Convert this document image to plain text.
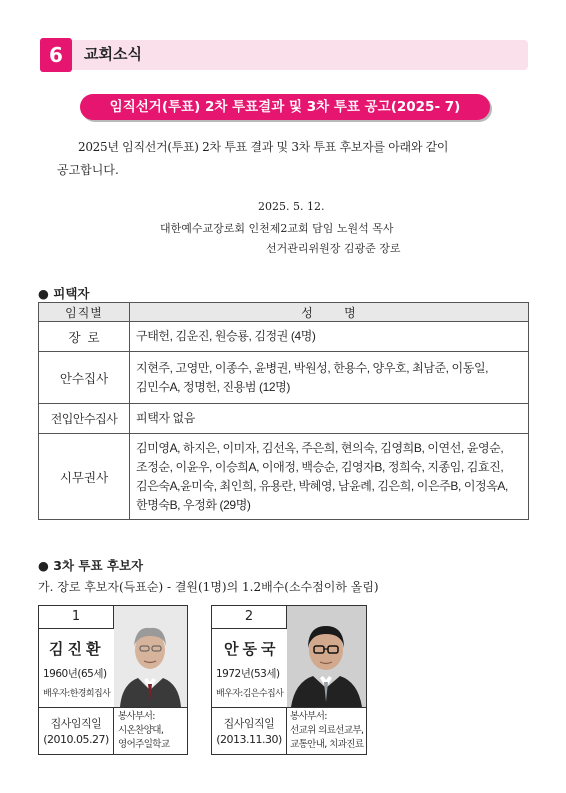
6	교회소식
임직선거(투표) 2차 투표결과 및 3차 투표 공고(2025- 7)
2025년 임직선거(투표) 2차 투표 결과 및 3차 투표 후보자를 아래와 같이
공고합니다.
2025. 5. 12.
대한예수교장로회 인천제2교회 담임 노원석 목사
선거관리위원장 김광준 장로
● 피택자
임직별	성       명
장  로	구태헌, 김운진, 원승룡, 김정권 (4명)

안수집사	지현주, 고영만, 이종수, 윤병권, 박원성, 한용수, 양우호, 최남준, 이동일,
김민수A, 정명헌, 진용범 (12명)

전입안수집사	피택자 없음

시무권사	김미영A, 하지은, 이미자, 김선옥, 주은희, 현의숙, 김영희B, 이연선, 윤영순,
조정순, 이윤우, 이승희A, 이애정, 백승순, 김영자B, 정희숙, 지종임, 김효진,
김은숙A,윤미숙, 최인희, 유용란, 박혜영, 남윤례, 김은희, 이은주B, 이정옥A,
한명숙B, 우정화 (29명)
● 3차 투표 후보자
가. 장로 후보자(득표순) - 결원(1명)의 1.2배수(소수점이하 올림)
1
김진환
1960년(65세)
배우자:한경희집사
집사임직일
(2010.05.27)
봉사부서:
시온찬양대,
영어주일학교
2
안동국
1972년(53세)
배우자:김은수집사
집사임직일
(2013.11.30)
봉사부서:
선교위 의료선교부,
교통안내, 치과진료
